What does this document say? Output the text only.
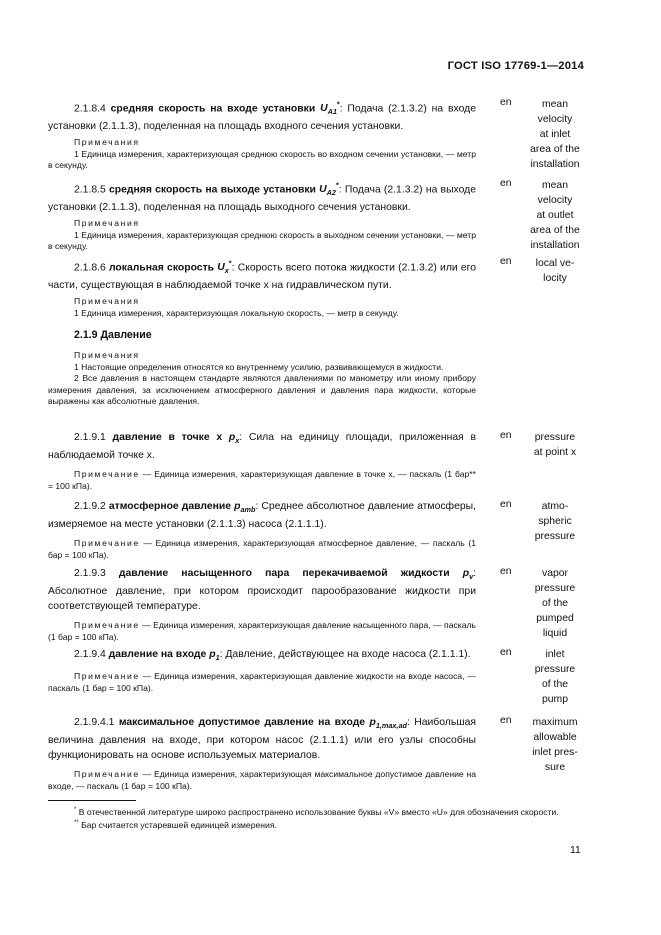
ГОСТ ISO 17769-1—2014
2.1.8.4 средняя скорость на входе установки $U_{A1}^*$: Подача (2.1.3.2) на входе установки (2.1.1.3), поделенная на площадь входного сечения установки.
Примечания
1 Единица измерения, характеризующая среднюю скорость во входном сечении установки, — метр в секунду.
en	mean
velocity
at inlet
area of the
installation
2.1.8.5 средняя скорость на выходе установки $U_{A2}^*$: Подача (2.1.3.2) на выходе установки (2.1.1.3), поделенная на площадь выходного сечения установки.
Примечания
1 Единица измерения, характеризующая среднюю скорость в выходном сечении установки, — метр в секунду.
en	mean
velocity
at outlet
area of the
installation
2.1.8.6 локальная скорость $U_x^*$: Скорость всего потока жидкости (2.1.3.2) или его части, существующая в наблюдаемой точке x на гидравлическом пути.
Примечания
1 Единица измерения, характеризующая локальную скорость, — метр в секунду.
en	local ve-
locity
2.1.9 Давление
Примечания
1 Настоящие определения относятся ко внутреннему усилию, развивающемуся в жидкости.
2 Все давления в настоящем стандарте являются давлениями по манометру или иному прибору измерения давления, за исключением атмосферного давления и давления пара жидкости, которые выражены как абсолютные давления.
2.1.9.1 давление в точке x $p_x$: Сила на единицу площади, приложенная в наблюдаемой точке x.
Примечание — Единица измерения, характеризующая давление в точке x, — паскаль (1 бар** = 100 кПа).
en	pressure
at point x
2.1.9.2 атмосферное давление $p_{amb}$: Среднее абсолютное давление атмосферы, измеряемое на месте установки (2.1.1.3) насоса (2.1.1.1).
Примечание — Единица измерения, характеризующая атмосферное давление, — паскаль (1 бар = 100 кПа).
en	atmo-
spheric
pressure
2.1.9.3 давление насыщенного пара перекачиваемой жидкости $p_v$: Абсолютное давление, при котором происходит парообразование жидкости при соответствующей температуре.
Примечание — Единица измерения, характеризующая давление насыщенного пара, — паскаль (1 бар = 100 кПа).
en	vapor
pressure
of the
pumped
liquid
2.1.9.4 давление на входе $p_1$: Давление, действующее на входе насоса (2.1.1.1).
Примечание — Единица измерения, характеризующая давление жидкости на входе насоса, — паскаль (1 бар = 100 кПа).
en	inlet
pressure
of the
pump
2.1.9.4.1 максимальное допустимое давление на входе $p_{1,max,ad}$: Наибольшая величина давления на входе, при котором насос (2.1.1.1) или его узлы способны функционировать на основе используемых материалов.
Примечание — Единица измерения, характеризующая максимальное допустимое давление на входе, — паскаль (1 бар = 100 кПа).
en	maximum
allowable
inlet pres-
sure
* В отечественной литературе широко распространено использование буквы «V» вместо «U» для обозначения скорости.
** Бар считается устаревшей единицей измерения.
11
